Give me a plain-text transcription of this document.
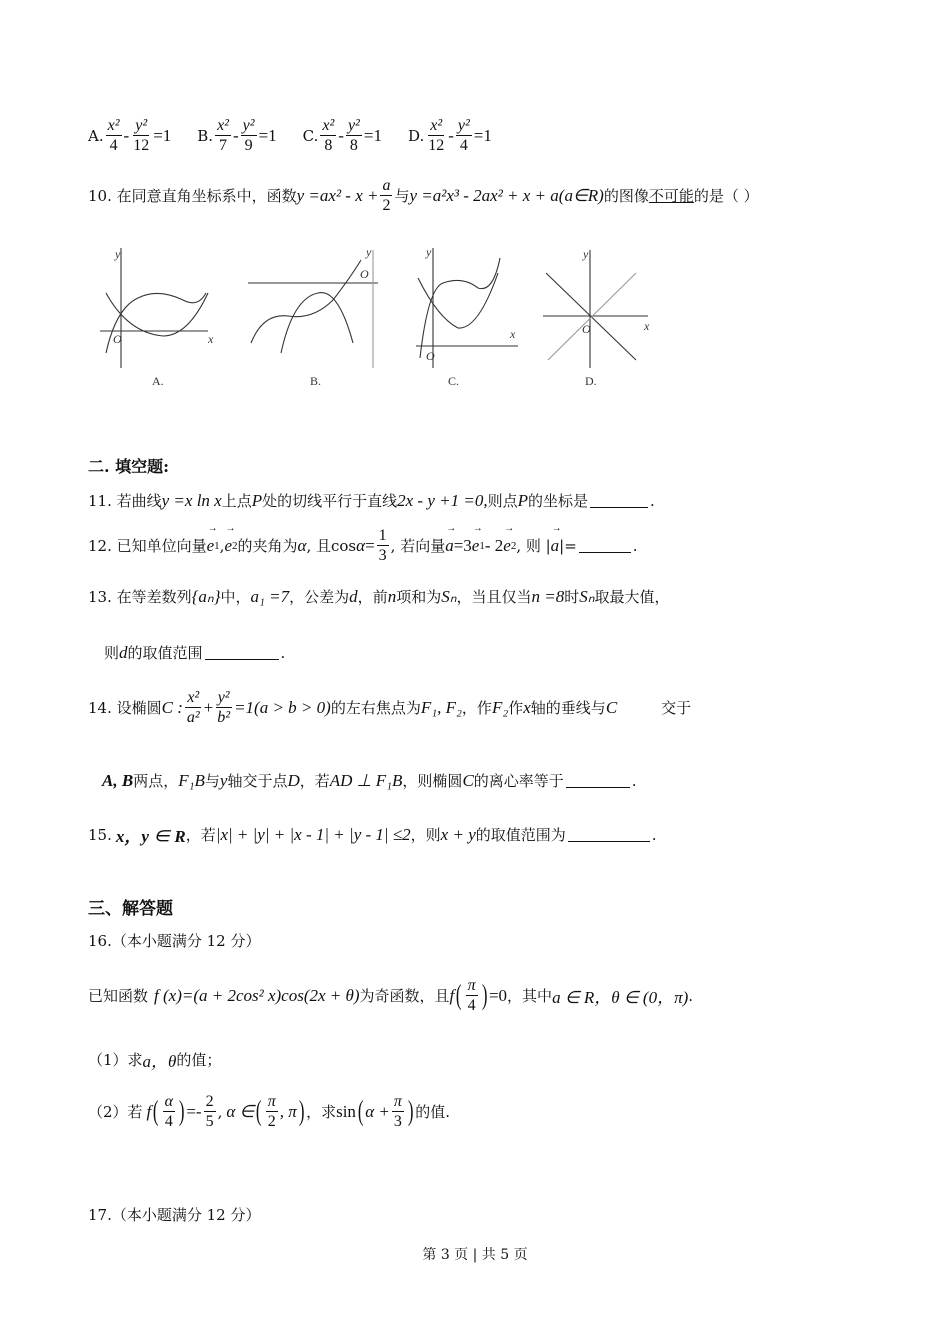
A. $\frac{\text{x²}}{4} - \frac{\text{y²}}{12} =1$ B. $\frac{\text{x²}}{7} - \frac{\text{y²}}{9} =1$ C. $\frac{\text{x²}}{8} - \frac{\text{y²}}{8} =1$ D. $\frac{\text{x²}}{12} - \frac{\text{y²}}{4} =1$
10. 在同意直角坐标系中，函数 $y =ax^2 - x + \frac{a}{2}$ 与 y =a²x³ - 2ax² + x + a(a∈R) 的图像 不可能 的是（ ）
y
O	x
y
O
y
O
x
y
O	x
A.	B.	C.	D.
二. 填空题:
11. 若曲线 y =x ln x 上点 P 处的切线平行于直线 2x - y +1 =0, 则点 P 的坐标是	.
12. 已知单位向量 → e 1 , → e 2 的夹角为 α , 且$\cos \alpha = \frac{1}{3}$ , 若向量 → a =3 → e 1 - 2 → e 2 , 则 | → a |=	.
13. 在等差数列 {aₙ} 中， a₁ =7 ，公差为 d ，前 n 项和为 Sₙ ，当且仅当 n =8 时 Sₙ 取最大值，
则 d 的取值范围	.
14. 设椭圆 C : $\frac{\text{x²}}{\text{a²}} + \frac{\text{y²}}{\text{b²}} =1(a > b > 0)$ 的左右焦点为 F₁, F₂ ，作 F₂ 作 x 轴的垂线与 C	交于
A, B 两点， F₁B 与 y 轴交于点 D ，若 AD ⊥ F₁B ，则椭圆 C 的离心率等于	.
15. x，y ∈ R ，若 |x| + |y| + |x - 1| + |y - 1| ≤2 ，则 x + y 的取值范围为	.
三、解答题
16.（本小题满分 12 分）
已知函数 f (x)=(a + 2cos² x)cos(2x + θ) 为奇函数，且 f ( $\frac{\pi}{4}$ ) =0 ，其中 a ∈ R，θ ∈ (0，π) .
（1）求 a，θ 的值；
（2）若 f ( $\frac{\alpha}{4}$ ) =- $\frac{2}{5}$ , α ∈ ( $\frac{\pi}{2}$ , π ) ，求 sin ( $\alpha + \frac{\pi}{3}$ ) 的值.
17.（本小题满分 12 分）
第 3 页 | 共 5 页
